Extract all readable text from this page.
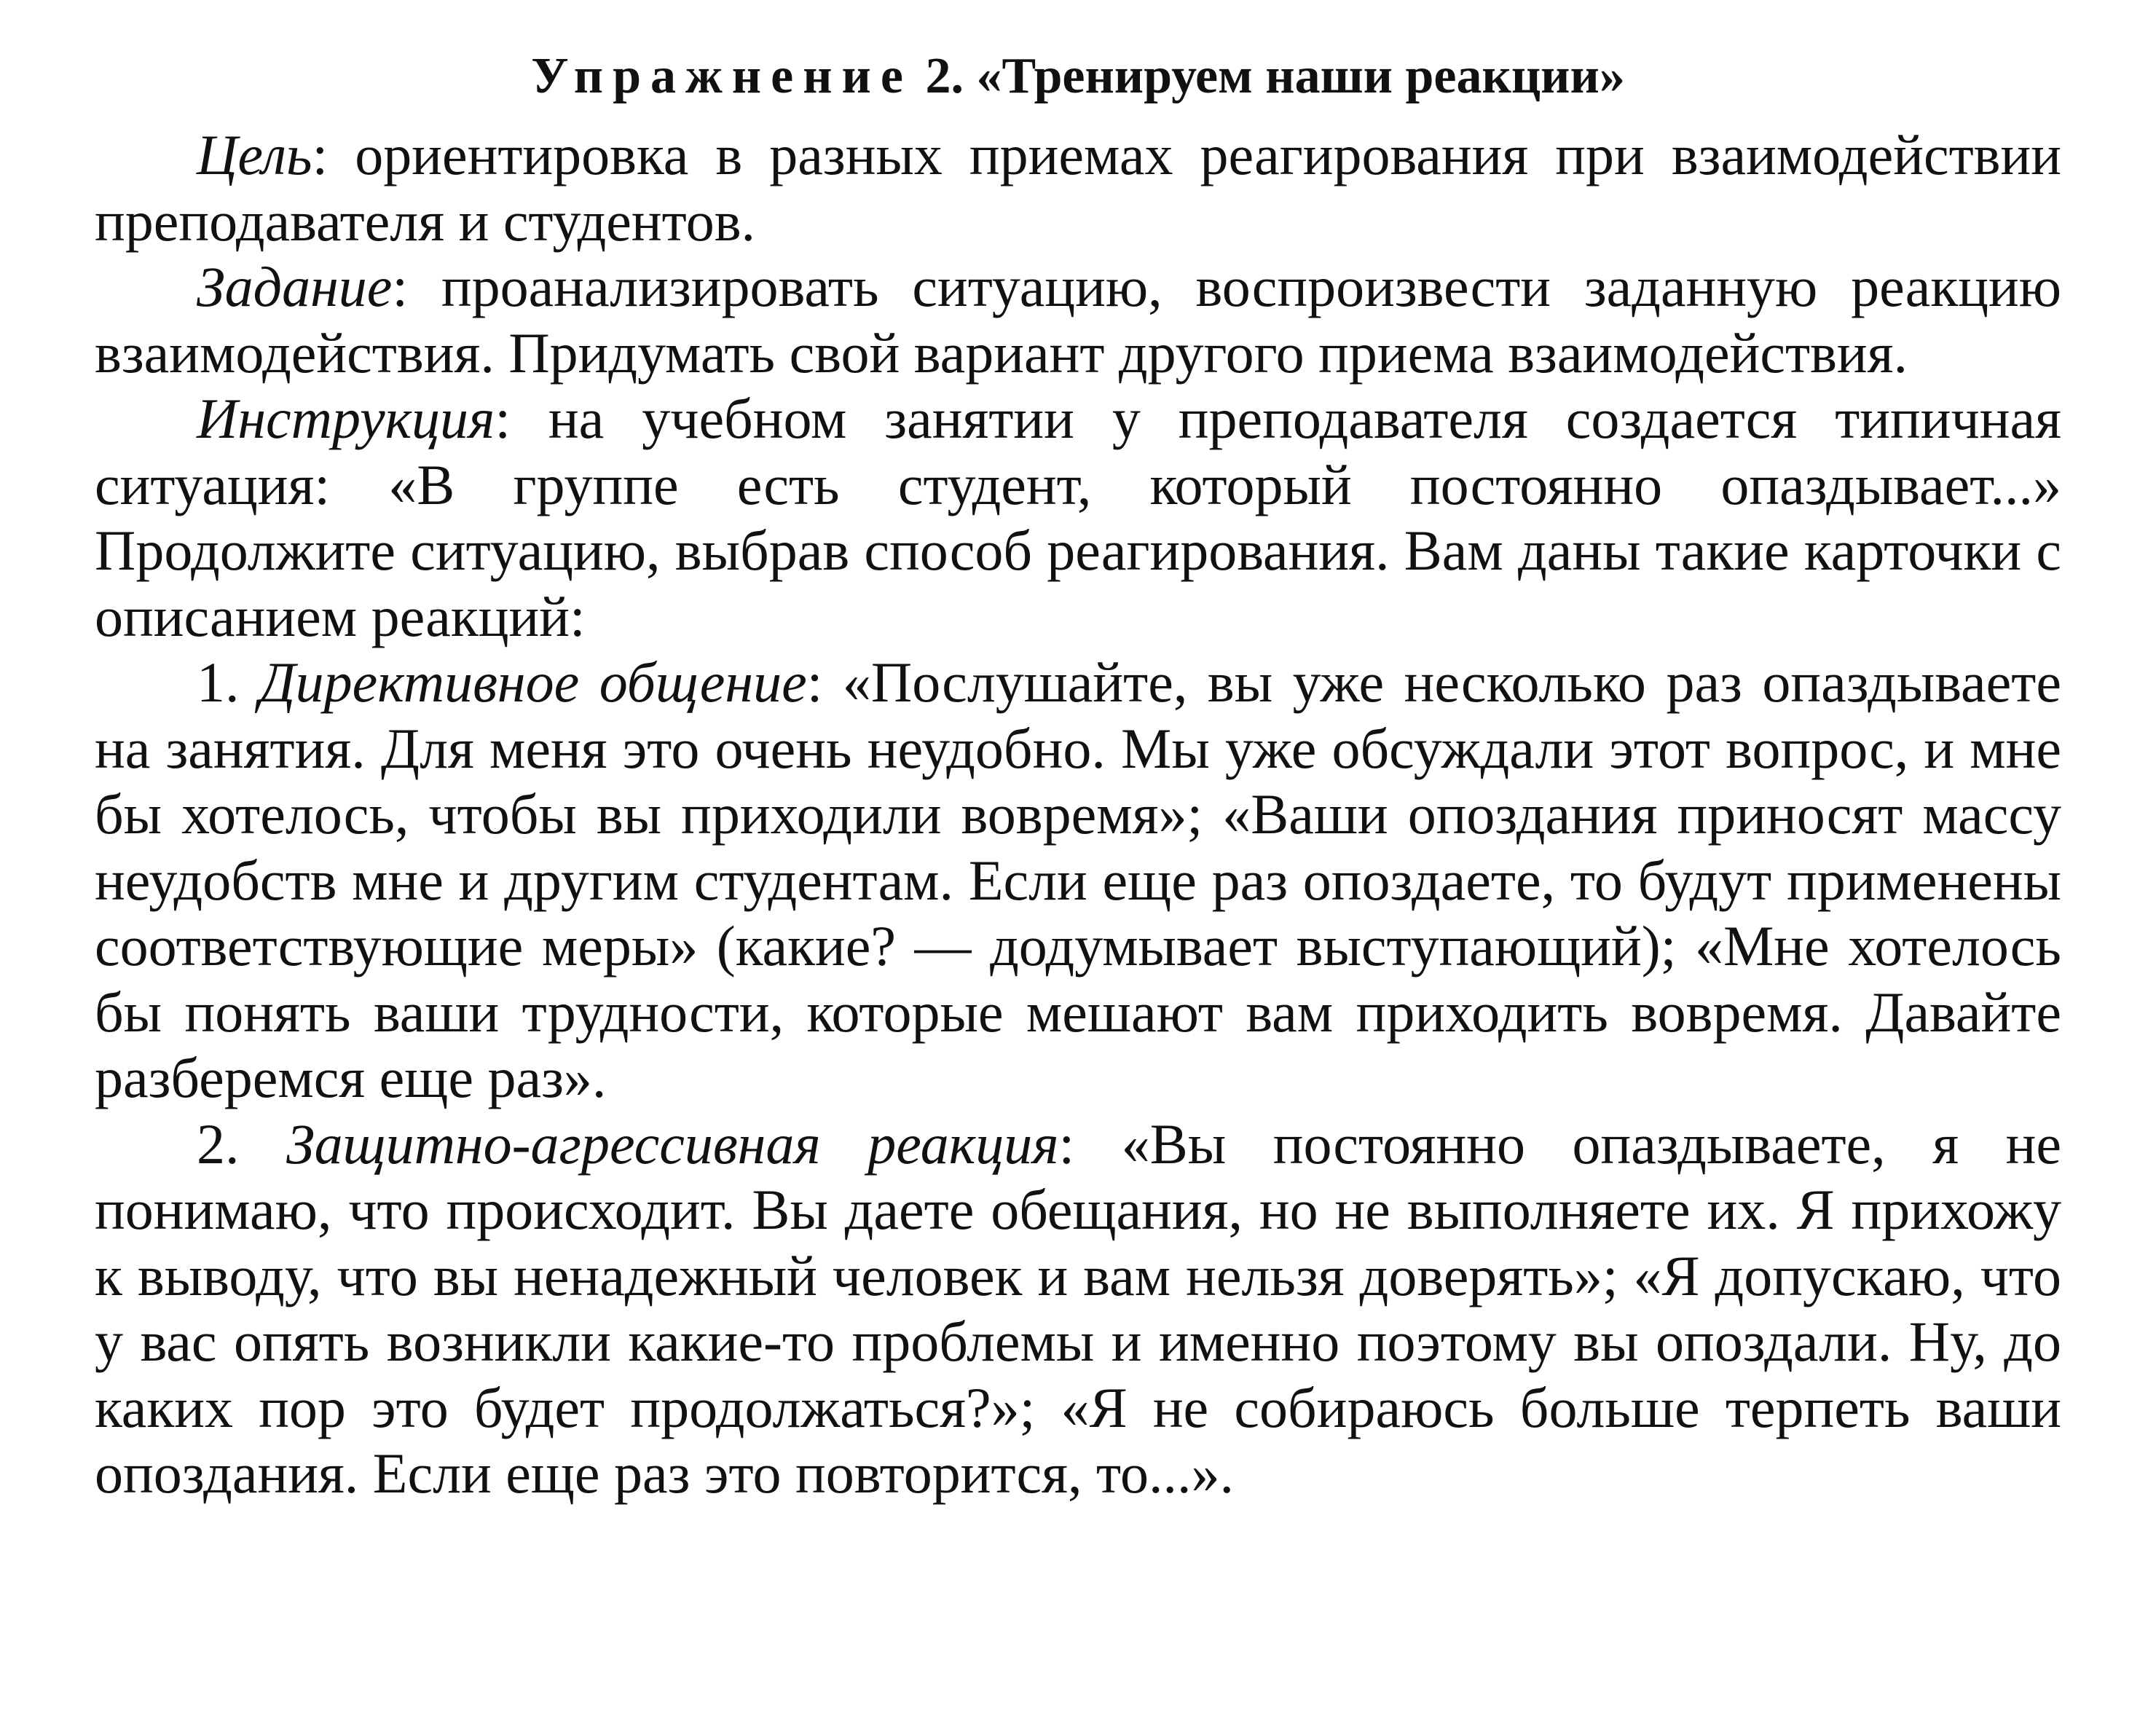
Упражнение 2. «Тренируем наши реакции»

Цель: ориентировка в разных приемах реагирования при взаимодействии преподавателя и студентов.

Задание: проанализировать ситуацию, воспроизвести заданную реакцию взаимодействия. Придумать свой вариант другого приема взаимодействия.

Инструкция: на учебном занятии у преподавателя создается типичная ситуация: «В группе есть студент, который постоянно опаздывает...» Продолжите ситуацию, выбрав способ реагирования. Вам даны такие карточки с описанием реакций:

1. Директивное общение: «Послушайте, вы уже несколько раз опаздываете на занятия. Для меня это очень неудобно. Мы уже обсуждали этот вопрос, и мне бы хотелось, чтобы вы приходили вовремя»; «Ваши опоздания приносят массу неудобств мне и другим студентам. Если еще раз опоздаете, то будут применены соответствующие меры» (какие? — додумывает выступающий); «Мне хотелось бы понять ваши трудности, которые мешают вам приходить вовремя. Давайте разберемся еще раз».

2. Защитно-агрессивная реакция: «Вы постоянно опаздываете, я не понимаю, что происходит. Вы даете обещания, но не выполняете их. Я прихожу к выводу, что вы ненадежный человек и вам нельзя доверять»; «Я допускаю, что у вас опять возникли какие-то проблемы и именно поэтому вы опоздали. Ну, до каких пор это будет продолжаться?»; «Я не собираюсь больше терпеть ваши опоздания. Если еще раз это повторится, то...».
